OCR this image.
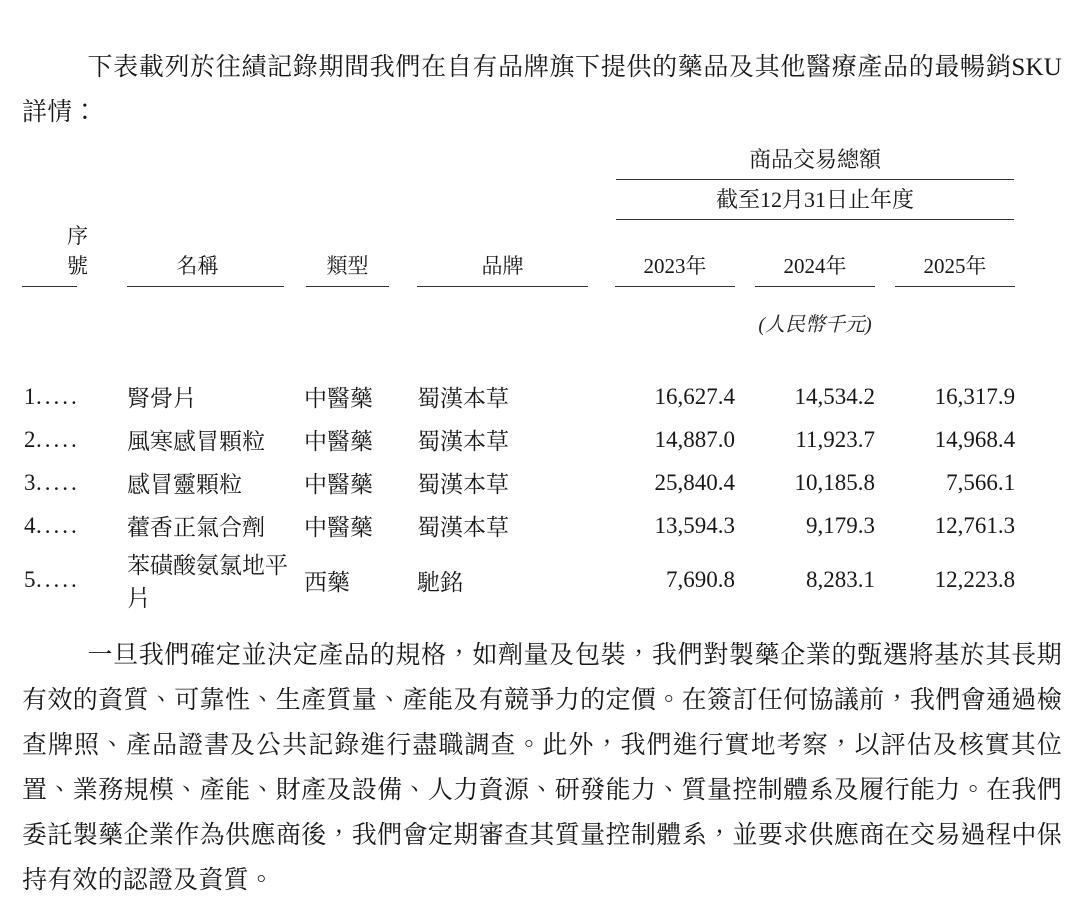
下表載列於往績記錄期間我們在自有品牌旗下提供的藥品及其他醫療產品的最暢銷SKU詳情：

				商品交易總額					

				截至12月31日止年度					

序號	名稱	類型	品牌	2023年		2024年		2025年	

				(人民幣千元)					

1.....	腎骨片	中醫藥	蜀漢本草	16,627.4		14,534.2		16,317.9	
2.....	風寒感冒顆粒	中醫藥	蜀漢本草	14,887.0		11,923.7		14,968.4	
3.....	感冒靈顆粒	中醫藥	蜀漢本草	25,840.4		10,185.8		7,566.1	
4.....	藿香正氣合劑	中醫藥	蜀漢本草	13,594.3		9,179.3		12,761.3	
5.....	苯磺酸氨氯地平片	西藥	馳銘	7,690.8		8,283.1		12,223.8	

一旦我們確定並決定產品的規格，如劑量及包裝，我們對製藥企業的甄選將基於其長期有效的資質、可靠性、生產質量、產能及有競爭力的定價。在簽訂任何協議前，我們會通過檢查牌照、產品證書及公共記錄進行盡職調查。此外，我們進行實地考察，以評估及核實其位置、業務規模、產能、財產及設備、人力資源、研發能力、質量控制體系及履行能力。在我們委託製藥企業作為供應商後，我們會定期審查其質量控制體系，並要求供應商在交易過程中保持有效的認證及資質。
